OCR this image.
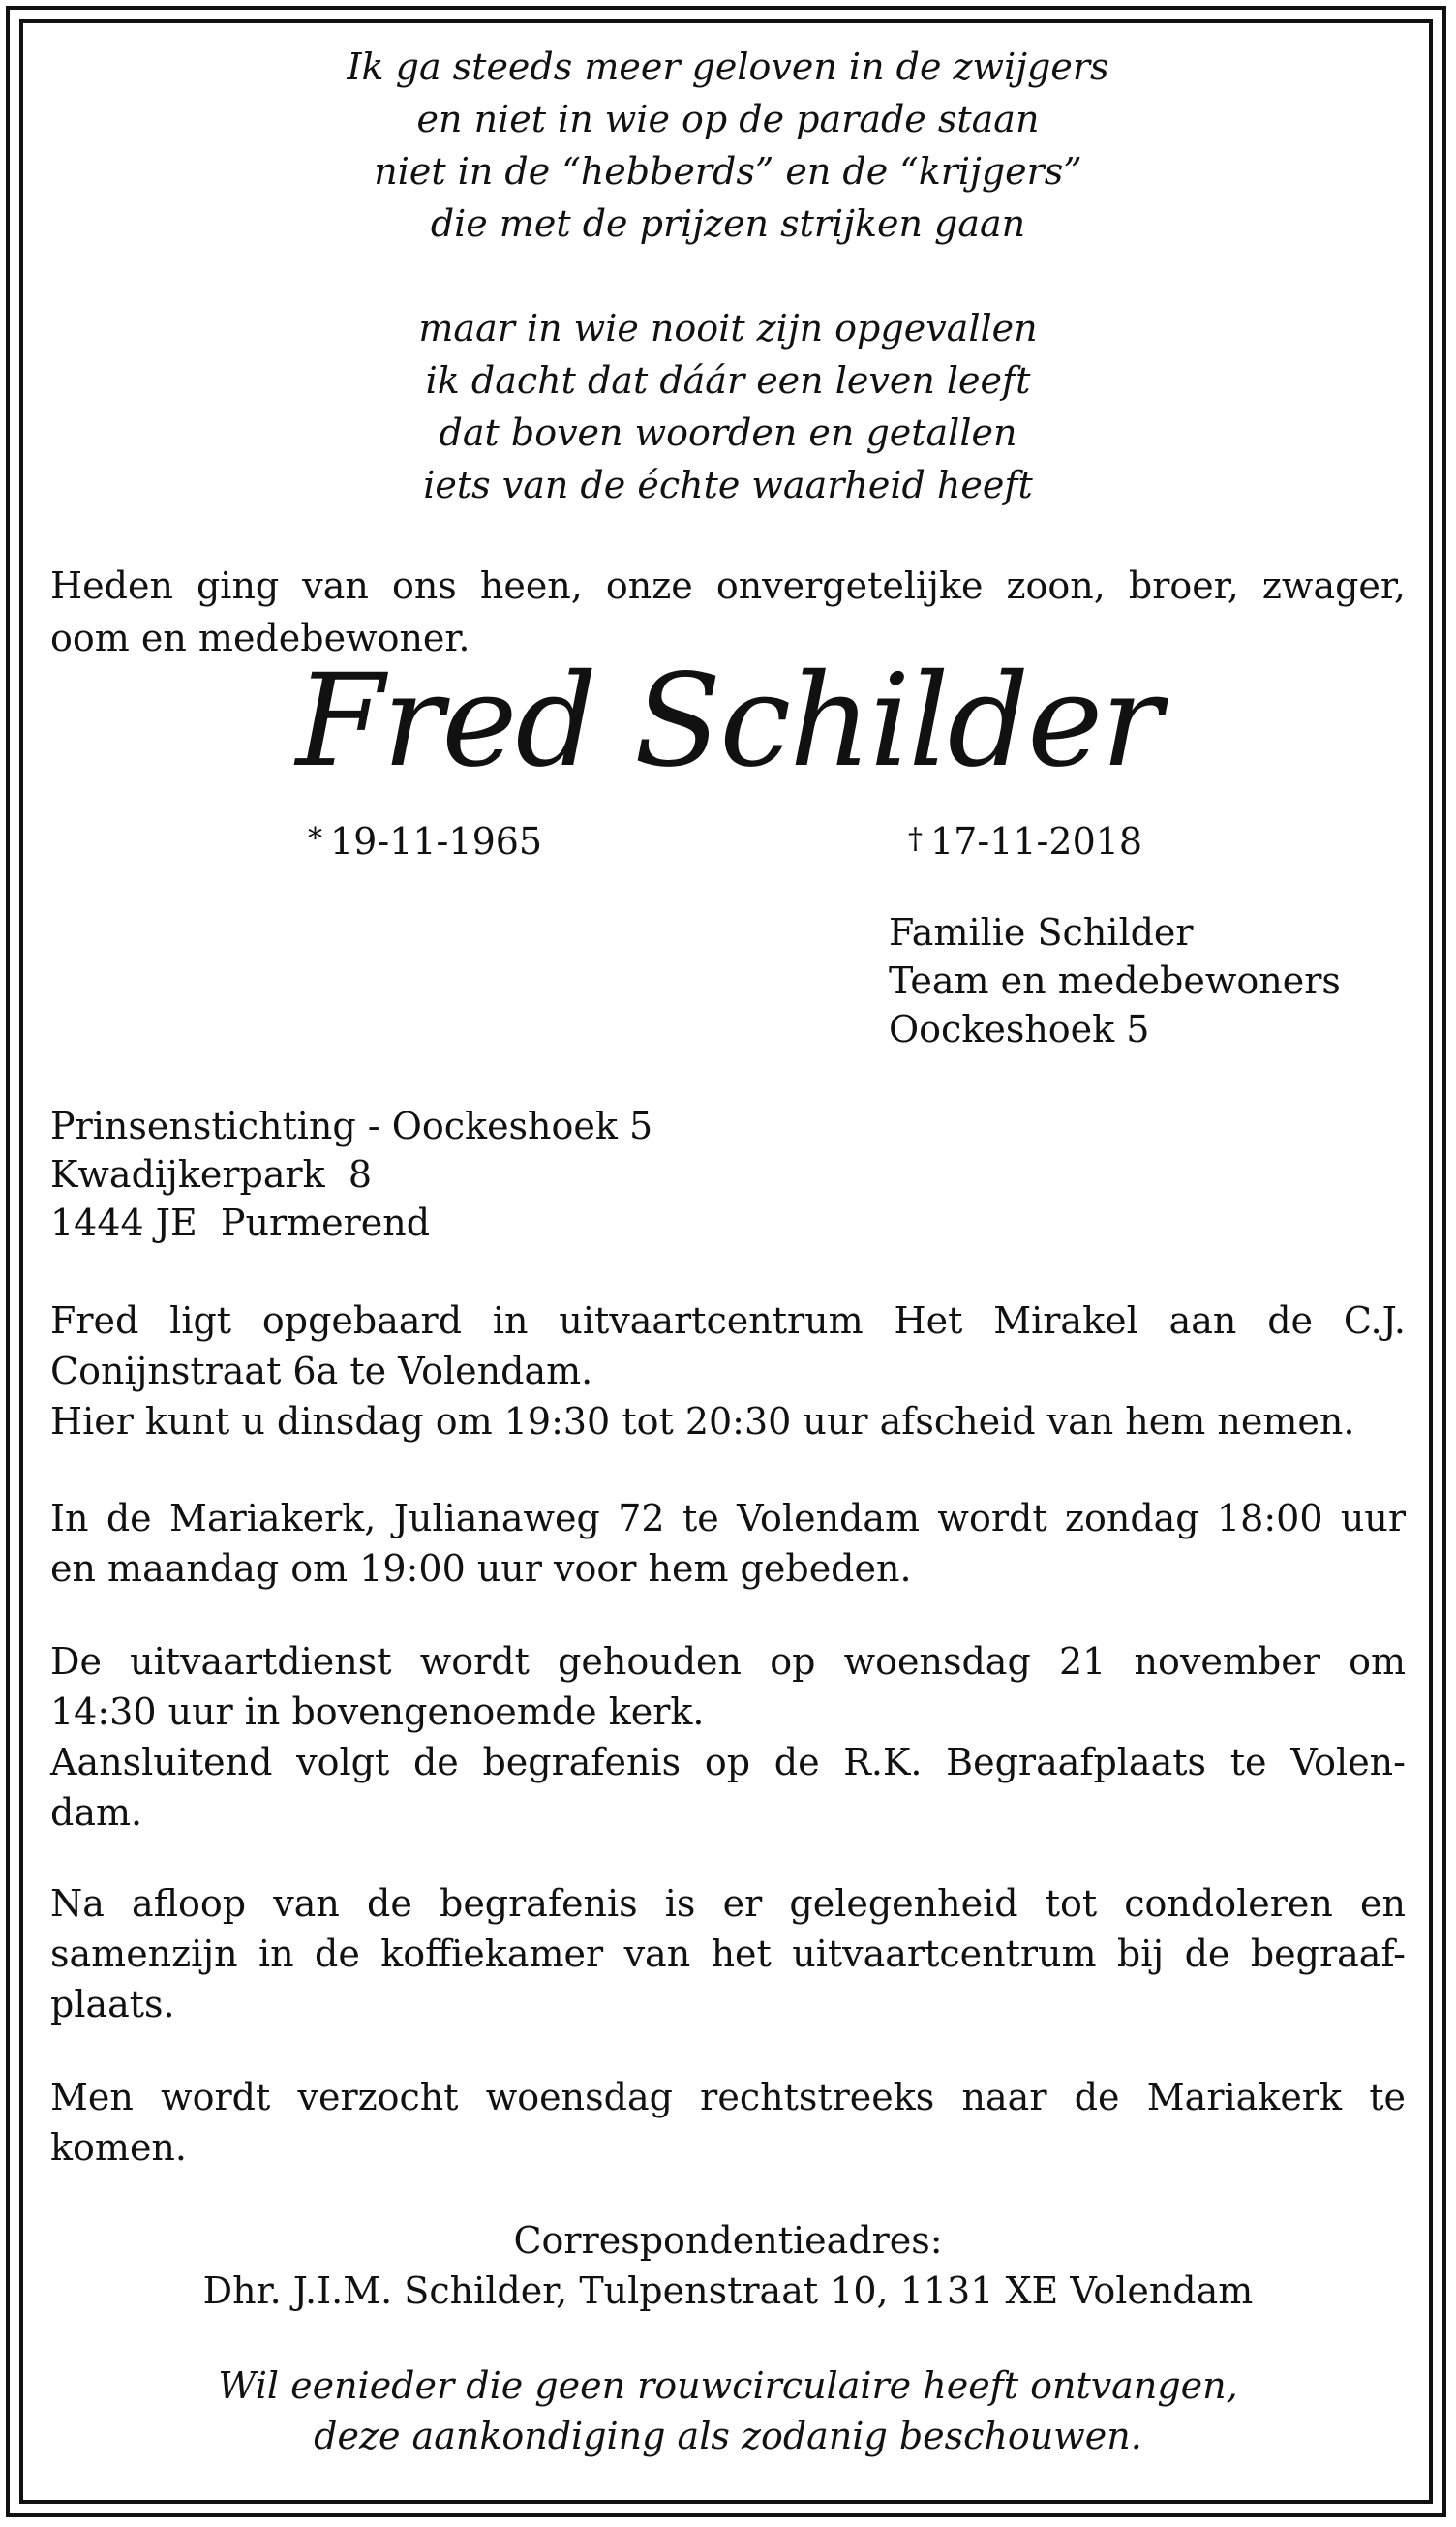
Ik ga steeds meer geloven in de zwijgers
en niet in wie op de parade staan
niet in de “hebberds” en de “krijgers”
die met de prijzen strijken gaan
maar in wie nooit zijn opgevallen
ik dacht dat dáár een leven leeft
dat boven woorden en getallen
iets van de échte waarheid heeft
Heden ging van ons heen, onze onvergetelijke zoon, broer, zwager,
oom en medebewoner.
Fred Schilder
* 19-11-1965	† 17-11-2018
Familie Schilder
Team en medebewoners
Oockeshoek 5
Prinsenstichting - Oockeshoek 5
Kwadijkerpark  8
1444 JE  Purmerend
Fred ligt opgebaard in uitvaartcentrum Het Mirakel aan de C.J.
Conijnstraat 6a te Volendam.
Hier kunt u dinsdag om 19:30 tot 20:30 uur afscheid van hem nemen.
In de Mariakerk, Julianaweg 72 te Volendam wordt zondag 18:00 uur
en maandag om 19:00 uur voor hem gebeden.
De uitvaartdienst wordt gehouden op woensdag 21 november om
14:30 uur in bovengenoemde kerk.
Aansluitend volgt de begrafenis op de R.K. Begraafplaats te Volen-
dam.
Na afloop van de begrafenis is er gelegenheid tot condoleren en
samenzijn in de koffiekamer van het uitvaartcentrum bij de begraaf-
plaats.
Men wordt verzocht woensdag rechtstreeks naar de Mariakerk te
komen.
Correspondentieadres:
Dhr. J.I.M. Schilder, Tulpenstraat 10, 1131 XE Volendam
Wil eenieder die geen rouwcirculaire heeft ontvangen,
deze aankondiging als zodanig beschouwen.
